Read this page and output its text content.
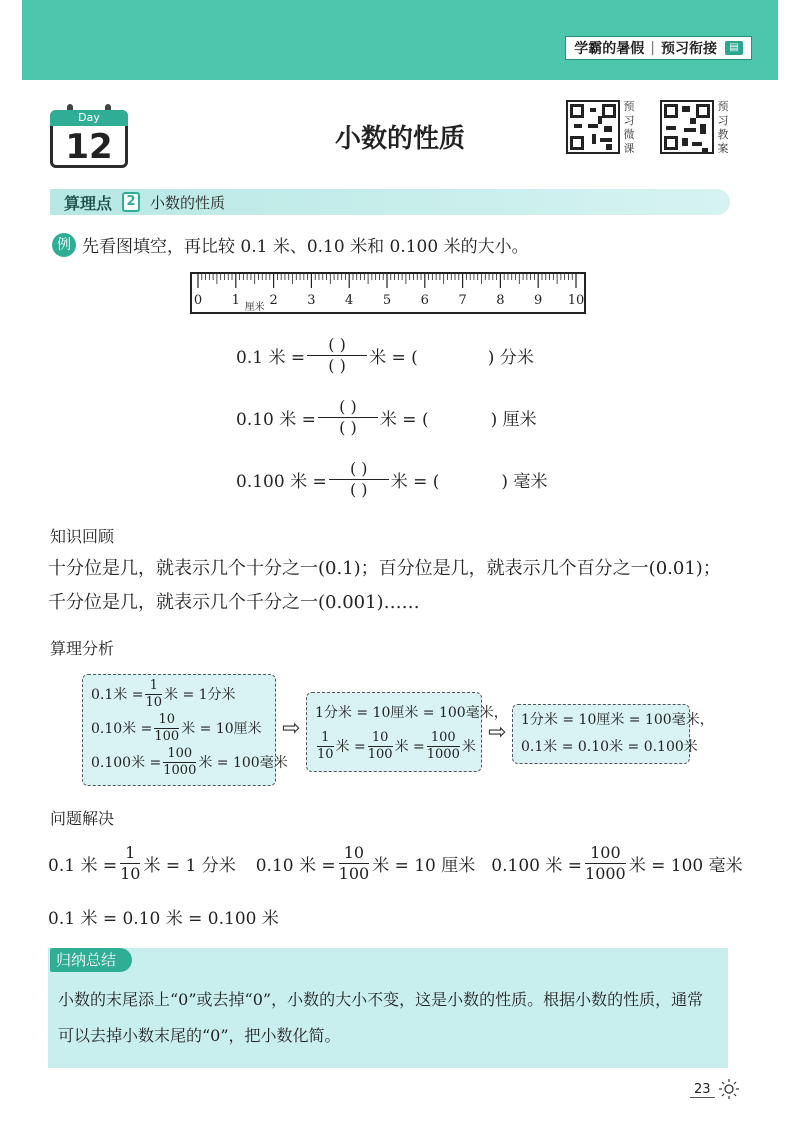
学霸的暑假 | 预习衔接	▤
Day
12	小数的性质
预习微课
预习教案
算理点	2 小数的性质
例 先看图填空，再比较 0.1 米、0.10 米和 0.100 米的大小。
0 1 2 3 4 5 6 7 8 9 10
厘米
0.1 米 = $\frac{( )}{( )}$ 米 = (	) 分米
0.10 米 = $\frac{( )}{( )}$ 米 = (	) 厘米
0.100 米 = $\frac{( )}{( )}$ 米 = (	) 毫米
知识回顾
十分位是几，就表示几个十分之一(0.1)；百分位是几，就表示几个百分之一(0.01)；千分位是几，就表示几个千分之一(0.001)……
算理分析
0.1米 =
1
10 米 = 1分米
0.10米 =
10
100 米 = 10厘米
0.100米 =
100
1000 米 = 100毫米
⇨
1分米 = 10厘米 = 100毫米，
1
10 米 =
10
100 米 =
100
1000 米
⇨ 1分米 = 10厘米 = 100毫米，
0.1米 = 0.10米 = 0.100米
问题解决
0.1 米 =
1
10 米 = 1 分米 0.10 米 =
10
100 米 = 10 厘米 0.100 米 =
100
1000 米 = 100 毫米
0.1 米 = 0.10 米 = 0.100 米
小数的末尾添上“0”或去掉“0”，小数的大小不变，这是小数的性质。根据小数的性质，通常可以去掉小数末尾的“0”，把小数化简。
归纳总结
23
